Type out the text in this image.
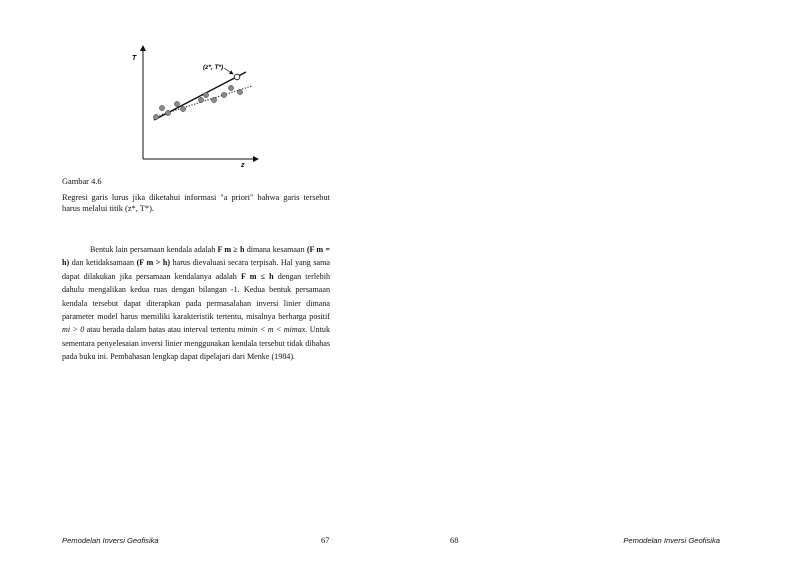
T
z
(z*, T*)
Gambar 4.6
Regresi garis lurus jika diketahui informasi "a priori" bahwa garis tersebut harus melalui titik (z*, T*).

Bentuk lain persamaan kendala adalah F m ≥ h dimana kesamaan (F m = h) dan ketidaksamaan (F m > h) harus dievaluasi secara terpisah. Hal yang sama dapat dilakukan jika persamaan kendalanya adalah F m ≤ h dengan terlebih dahulu mengalikan kedua ruas dengan bilangan -1. Kedua bentuk persamaan kendala tersebut dapat diterapkan pada permasalahan inversi linier dimana parameter model harus memiliki karakteristik tertentu, misalnya berharga positif mi > 0 atau berada dalam batas atau interval tertentu mimin < m < mimax. Untuk sementara penyelesaian inversi linier menggunakan kendala tersebut tidak dibahas pada buku ini. Pembahasan lengkap dapat dipelajari dari Menke (1984).

Pemodelan Inversi Geofisika	67	68	Pemodelan Inversi Geofisika
